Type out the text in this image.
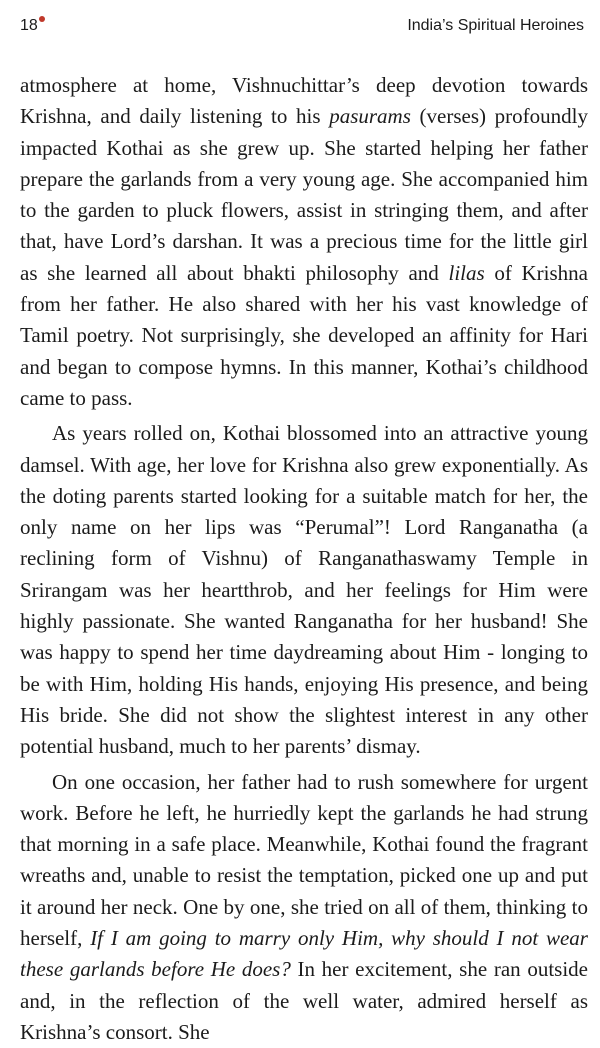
18	India’s Spiritual Heroines

atmosphere at home, Vishnuchittar’s deep devotion towards Krishna, and daily listening to his pasurams (verses) profoundly impacted Kothai as she grew up. She started helping her father prepare the garlands from a very young age. She accompanied him to the garden to pluck flowers, assist in stringing them, and after that, have Lord’s darshan. It was a precious time for the little girl as she learned all about bhakti philosophy and lilas of Krishna from her father. He also shared with her his vast knowledge of Tamil poetry. Not surprisingly, she developed an affinity for Hari and began to compose hymns. In this manner, Kothai’s childhood came to pass.

As years rolled on, Kothai blossomed into an attractive young damsel. With age, her love for Krishna also grew exponentially. As the doting parents started looking for a suitable match for her, the only name on her lips was “Perumal”! Lord Ranganatha (a reclining form of Vishnu) of Ranganathaswamy Temple in Srirangam was her heartthrob, and her feelings for Him were highly passionate. She wanted Ranganatha for her husband! She was happy to spend her time daydreaming about Him - longing to be with Him, holding His hands, enjoying His presence, and being His bride. She did not show the slightest interest in any other potential husband, much to her parents’ dismay.

On one occasion, her father had to rush somewhere for urgent work. Before he left, he hurriedly kept the garlands he had strung that morning in a safe place. Meanwhile, Kothai found the fragrant wreaths and, unable to resist the temptation, picked one up and put it around her neck. One by one, she tried on all of them, thinking to herself, If I am going to marry only Him, why should I not wear these garlands before He does? In her excitement, she ran outside and, in the reflection of the well water, admired herself as Krishna’s consort. She
